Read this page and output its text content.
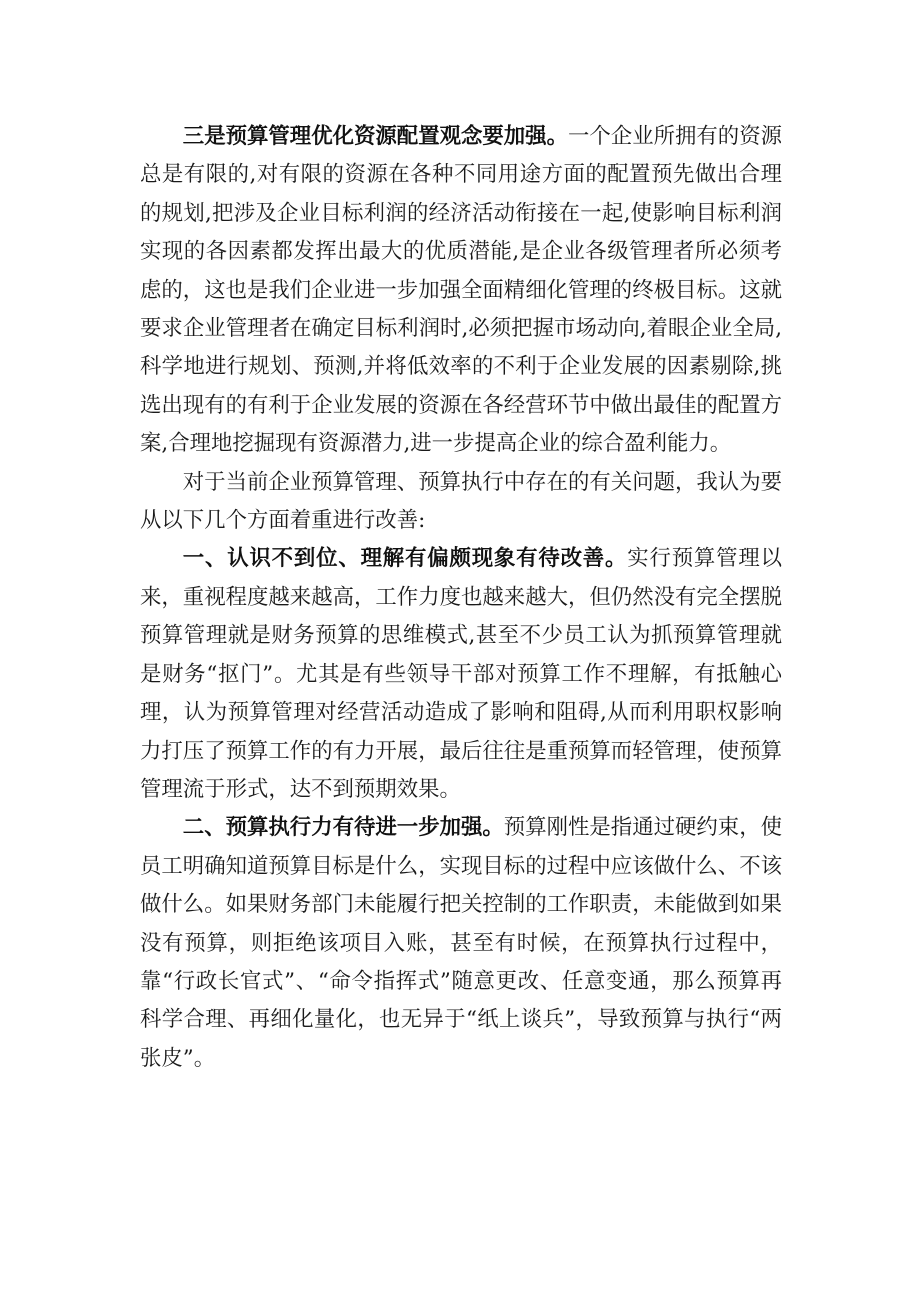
三是预算管理优化资源配置观念要加强。一个企业所拥有的资源总是有限的,对有限的资源在各种不同用途方面的配置预先做出合理的规划,把涉及企业目标利润的经济活动衔接在一起,使影响目标利润实现的各因素都发挥出最大的优质潜能,是企业各级管理者所必须考虑的，这也是我们企业进一步加强全面精细化管理的终极目标。这就要求企业管理者在确定目标利润时,必须把握市场动向,着眼企业全局,科学地进行规划、预测,并将低效率的不利于企业发展的因素剔除,挑选出现有的有利于企业发展的资源在各经营环节中做出最佳的配置方案,合理地挖掘现有资源潜力,进一步提高企业的综合盈利能力。

对于当前企业预算管理、预算执行中存在的有关问题，我认为要从以下几个方面着重进行改善:

一、认识不到位、理解有偏颇现象有待改善。实行预算管理以来，重视程度越来越高，工作力度也越来越大，但仍然没有完全摆脱预算管理就是财务预算的思维模式,甚至不少员工认为抓预算管理就是财务“抠门”。尤其是有些领导干部对预算工作不理解，有抵触心理，认为预算管理对经营活动造成了影响和阻碍,从而利用职权影响力打压了预算工作的有力开展，最后往往是重预算而轻管理，使预算管理流于形式，达不到预期效果。

二、预算执行力有待进一步加强。预算刚性是指通过硬约束，使员工明确知道预算目标是什么，实现目标的过程中应该做什么、不该做什么。如果财务部门未能履行把关控制的工作职责，未能做到如果没有预算，则拒绝该项目入账，甚至有时候，在预算执行过程中，靠“行政长官式”、“命令指挥式”随意更改、任意变通，那么预算再科学合理、再细化量化，也无异于“纸上谈兵”，导致预算与执行“两张皮”。
